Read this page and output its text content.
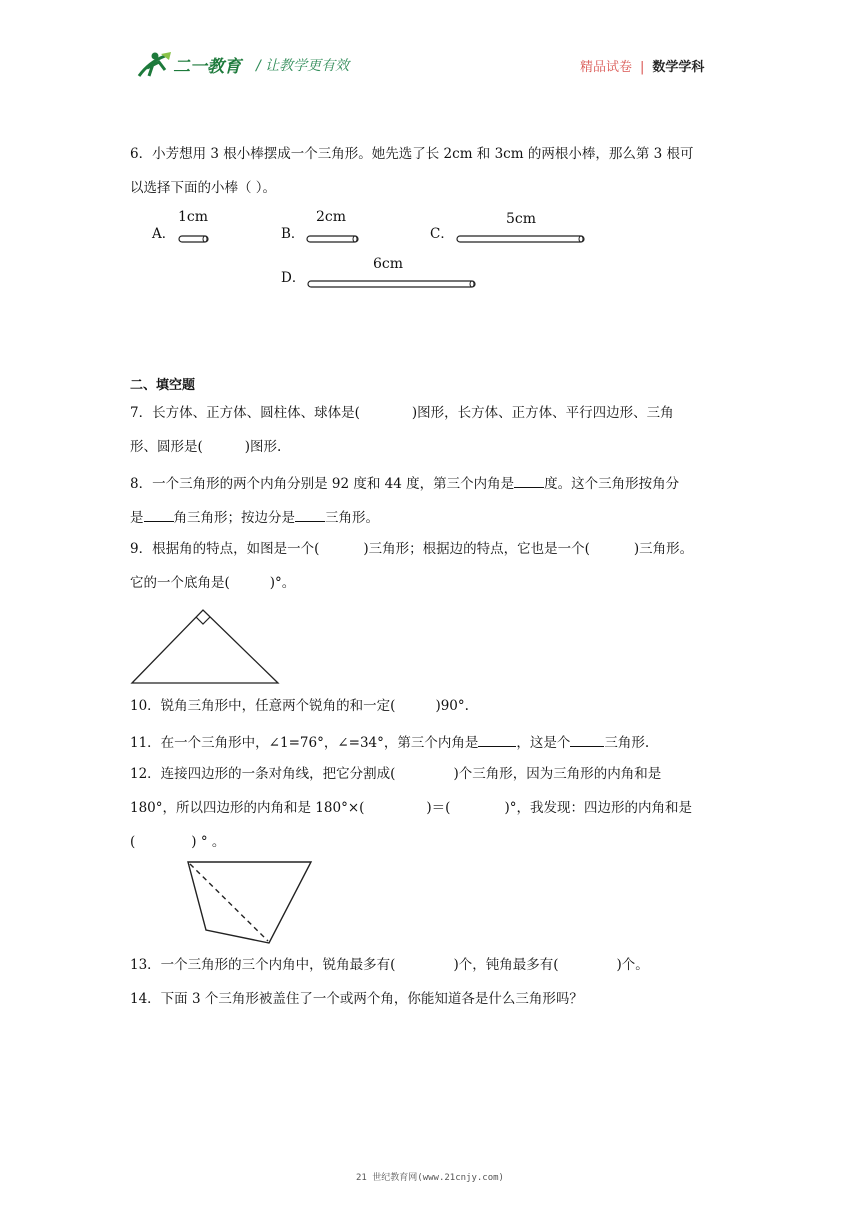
二一教育 / 让教学更有效	精品试卷 | 数学学科
6．小芳想用 3 根小棒摆成一个三角形。她先选了长 2cm 和 3cm 的两根小棒，那么第 3 根可
以选择下面的小棒（ ）。
A．
1cm
B．
2cm
C．
5cm
D．
6cm
二、填空题
7．长方体、正方体、圆柱体、球体是(	)图形，长方体、正方体、平行四边形、三角
形、圆形是(	)图形.
8．一个三角形的两个内角分别是 92 度和 44 度，第三个内角是 度。这个三角形按角分
是 角三角形；按边分是 三角形。
9．根据角的特点，如图是一个(	)三角形；根据边的特点，它也是一个(	)三角形。
它的一个底角是(	)°。
10．锐角三角形中，任意两个锐角的和一定(	)90°.
11．在一个三角形中，∠1=76°，∠=34°，第三个内角是	，这是个	三角形.
12．连接四边形的一条对角线，把它分割成(	)个三角形，因为三角形的内角和是
180°，所以四边形的内角和是 180°×(	)＝(	)°，我发现：四边形的内角和是
(	) ° 。
13．一个三角形的三个内角中，锐角最多有(	)个，钝角最多有(	)个。
14．下面 3 个三角形被盖住了一个或两个角，你能知道各是什么三角形吗？
21 世纪教育网(www.21cnjy.com)
